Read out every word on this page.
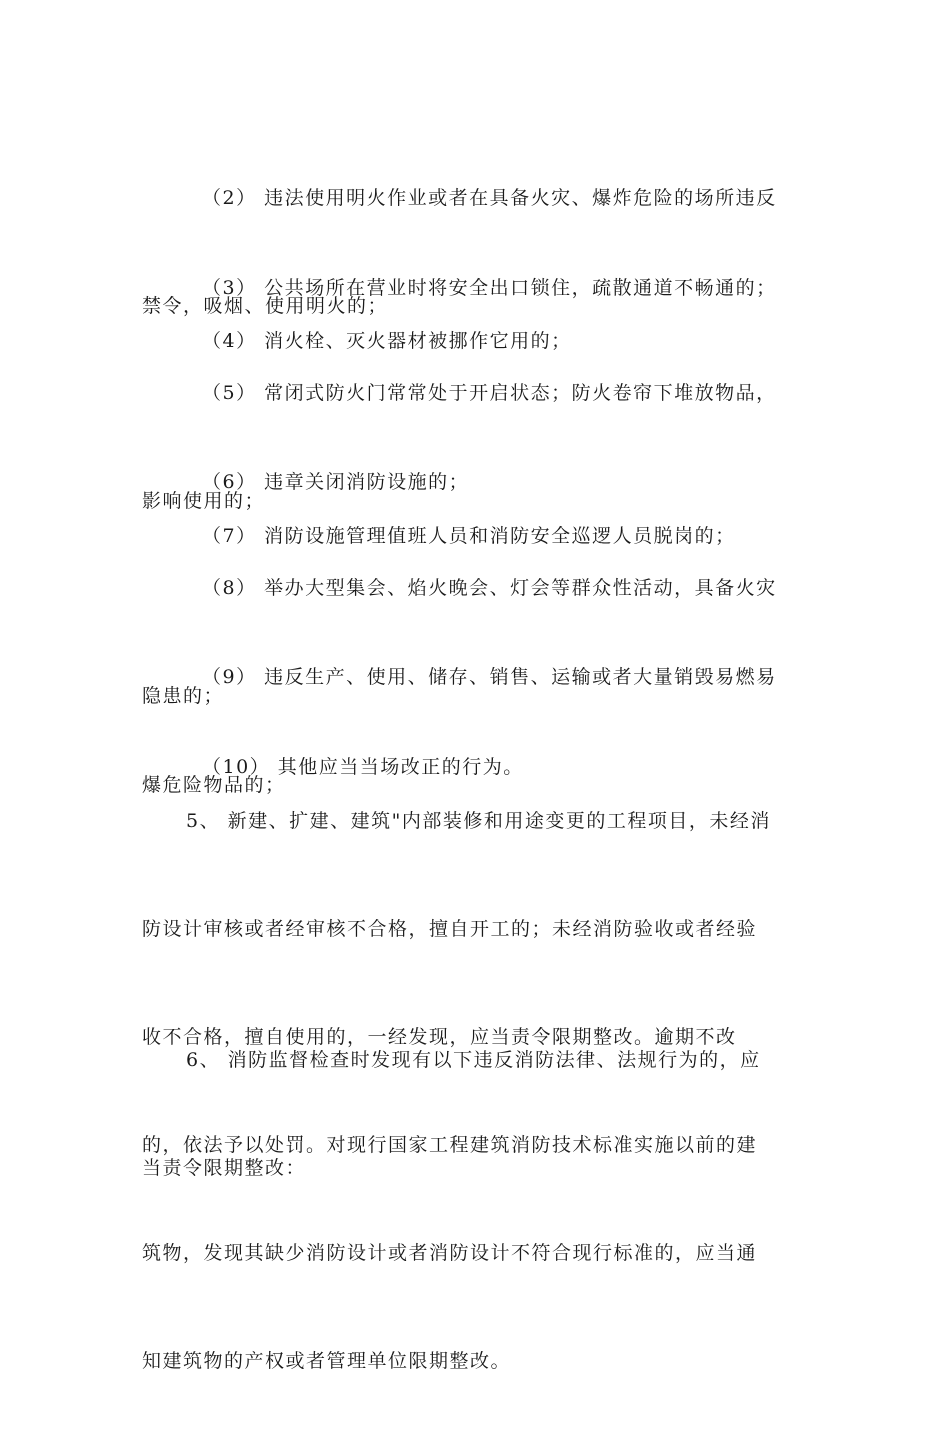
（2） 违法使用明火作业或者在具备火灾、爆炸危险的场所违反

禁令，吸烟、使用明火的；

（3） 公共场所在营业时将安全出口锁住，疏散通道不畅通的；

（4） 消火栓、灭火器材被挪作它用的；

（5） 常闭式防火门常常处于开启状态；防火卷帘下堆放物品，

影响使用的；

（6） 违章关闭消防设施的；

（7） 消防设施管理值班人员和消防安全巡逻人员脱岗的；

（8） 举办大型集会、焰火晚会、灯会等群众性活动，具备火灾

隐患的；

（9） 违反生产、使用、储存、销售、运输或者大量销毁易燃易

爆危险物品的；

（10） 其他应当当场改正的行为。

5、 新建、扩建、建筑"内部装修和用途变更的工程项目，未经消

防设计审核或者经审核不合格，擅自开工的；未经消防验收或者经验

收不合格，擅自使用的，一经发现，应当责令限期整改。逾期不改

的，依法予以处罚。对现行国家工程建筑消防技术标准实施以前的建

筑物，发现其缺少消防设计或者消防设计不符合现行标准的，应当通

知建筑物的产权或者管理单位限期整改。

6、 消防监督检查时发现有以下违反消防法律、法规行为的，应

当责令限期整改：
